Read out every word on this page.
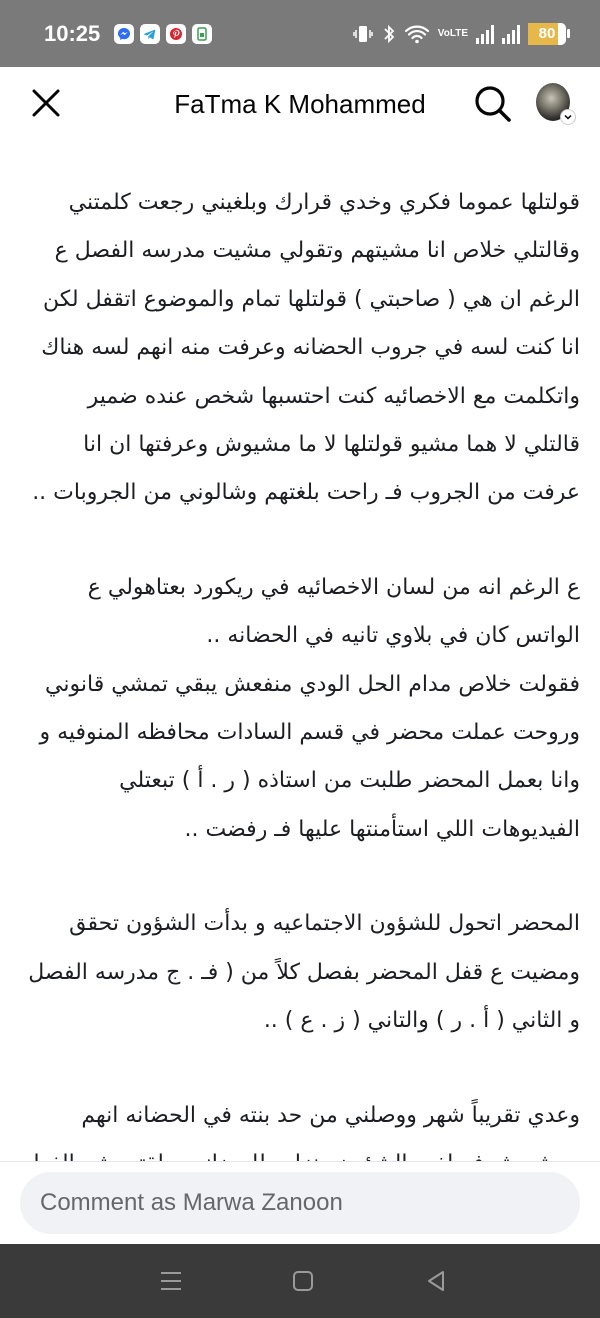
10:25	Vo LTE	80
FaTma K Mohammed
قولتلها عموما فكري وخدي قرارك وبلغيني رجعت كلمتني
وقالتلي خلاص انا مشيتهم وتقولي مشيت مدرسه الفصل ع
الرغم ان هي ( صاحبتي ) قولتلها تمام والموضوع اتقفل لكن
انا كنت لسه في جروب الحضانه وعرفت منه انهم لسه هناك
واتكلمت مع الاخصائيه كنت احتسبها شخص عنده ضمير
قالتلي لا هما مشيو قولتلها لا ما مشيوش وعرفتها ان انا
عرفت من الجروب فـ راحت بلغتهم وشالوني من الجروبات ..
ع الرغم انه من لسان الاخصائيه في ريكورد بعتاهولي ع
الواتس كان في بلاوي تانيه في الحضانه ..
فقولت خلاص مدام الحل الودي منفعش يبقي تمشي قانوني
وروحت عملت محضر في قسم السادات محافظه المنوفيه و
وانا بعمل المحضر طلبت من استاذه ( ر . أ ) تبعتلي
الفيديوهات اللي استأمنتها عليها فـ رفضت ..
المحضر اتحول للشؤون الاجتماعيه و بدأت الشؤون تحقق
ومضيت ع قفل المحضر بفصل كلاً من ( فـ . ج مدرسه الفصل
و الثاني ( أ . ر ) والتاني ( ز . ع ) ..
وعدي تقريباً شهر ووصلني من حد بنته في الحضانه انهم
Comment as Marwa Zanoon
